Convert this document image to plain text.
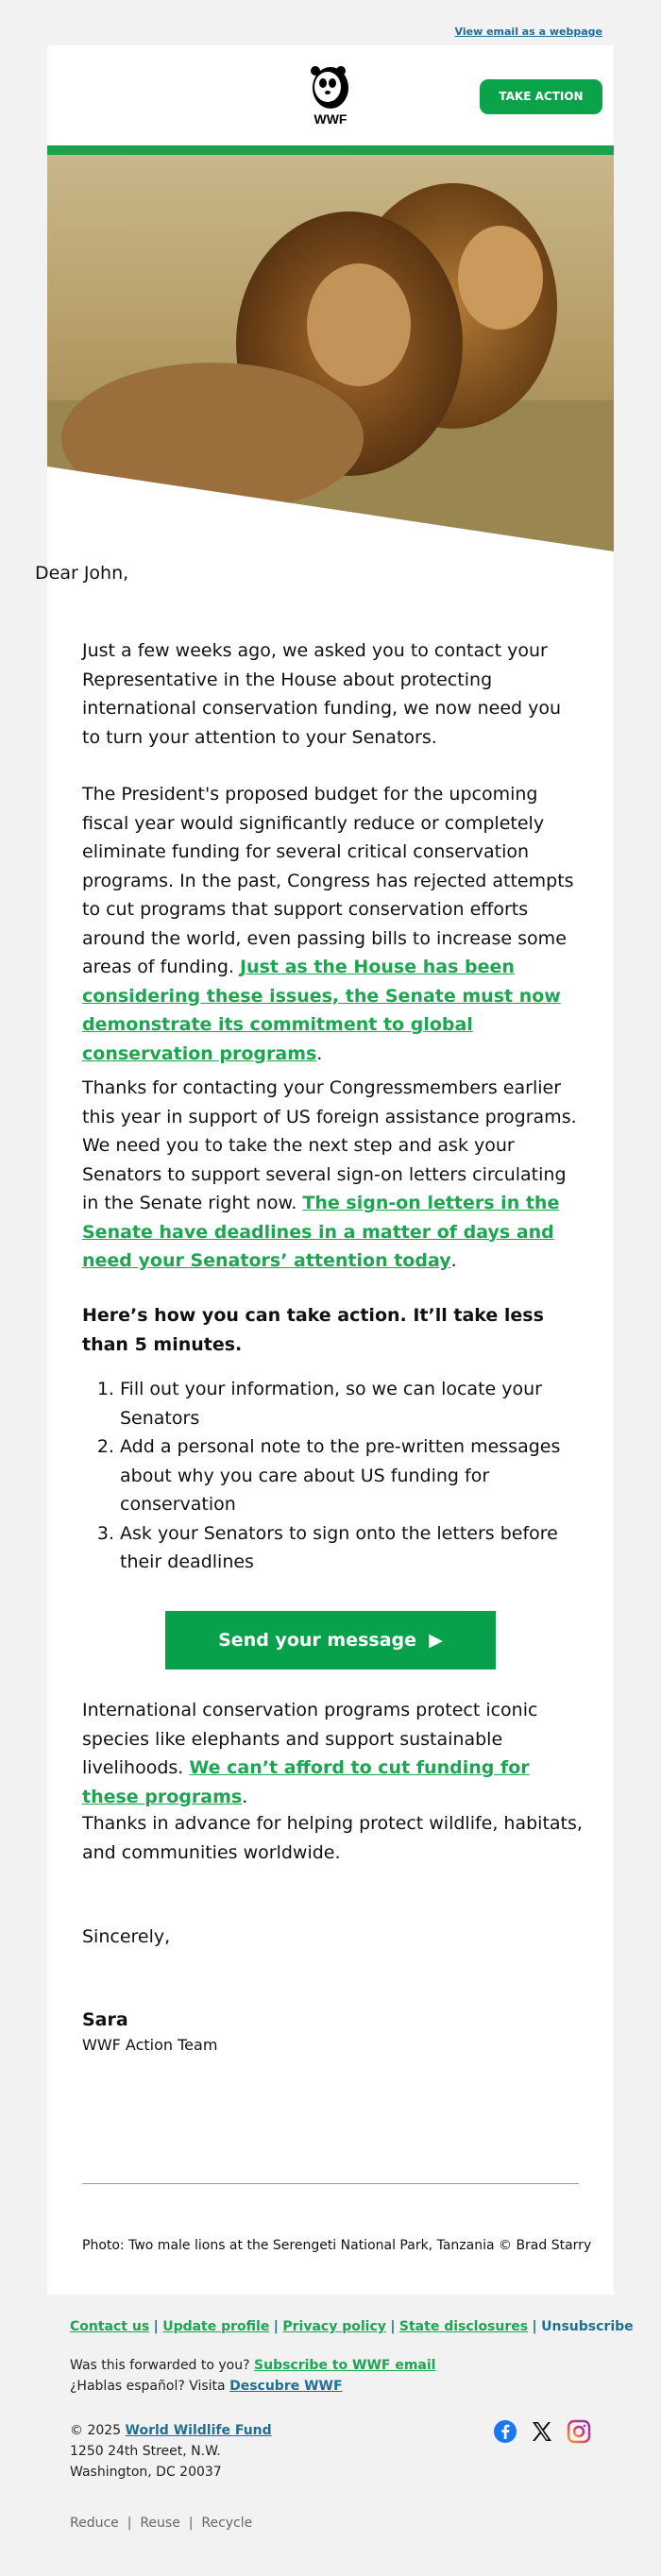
View email as a webpage
WWF
TAKE ACTION
Dear John,
Just a few weeks ago, we asked you to contact your Representative in the House about protecting international conservation funding, we now need you to turn your attention to your Senators.
The President's proposed budget for the upcoming fiscal year would significantly reduce or completely eliminate funding for several critical conservation programs. In the past, Congress has rejected attempts to cut programs that support conservation efforts around the world, even passing bills to increase some areas of funding. Just as the House has been considering these issues, the Senate must now demonstrate its commitment to global conservation programs.
Thanks for contacting your Congressmembers earlier this year in support of US foreign assistance programs. We need you to take the next step and ask your Senators to support several sign-on letters circulating in the Senate right now. The sign-on letters in the Senate have deadlines in a matter of days and need your Senators’ attention today.
Here’s how you can take action. It’ll take less than 5 minutes.
1. Fill out your information, so we can locate your Senators
2. Add a personal note to the pre-written messages about why you care about US funding for conservation
3. Ask your Senators to sign onto the letters before their deadlines
Send your message ▶
International conservation programs protect iconic species like elephants and support sustainable livelihoods. We can’t afford to cut funding for these programs.
Thanks in advance for helping protect wildlife, habitats, and communities worldwide.
Sincerely,
Sara
WWF Action Team
Photo: Two male lions at the Serengeti National Park, Tanzania © Brad Starry
Contact us | Update profile | Privacy policy | State disclosures | Unsubscribe
Was this forwarded to you? Subscribe to WWF email
¿Hablas español? Visita Descubre WWF
© 2025 World Wildlife Fund
1250 24th Street, N.W.
Washington, DC 20037
Reduce | Reuse | Recycle
